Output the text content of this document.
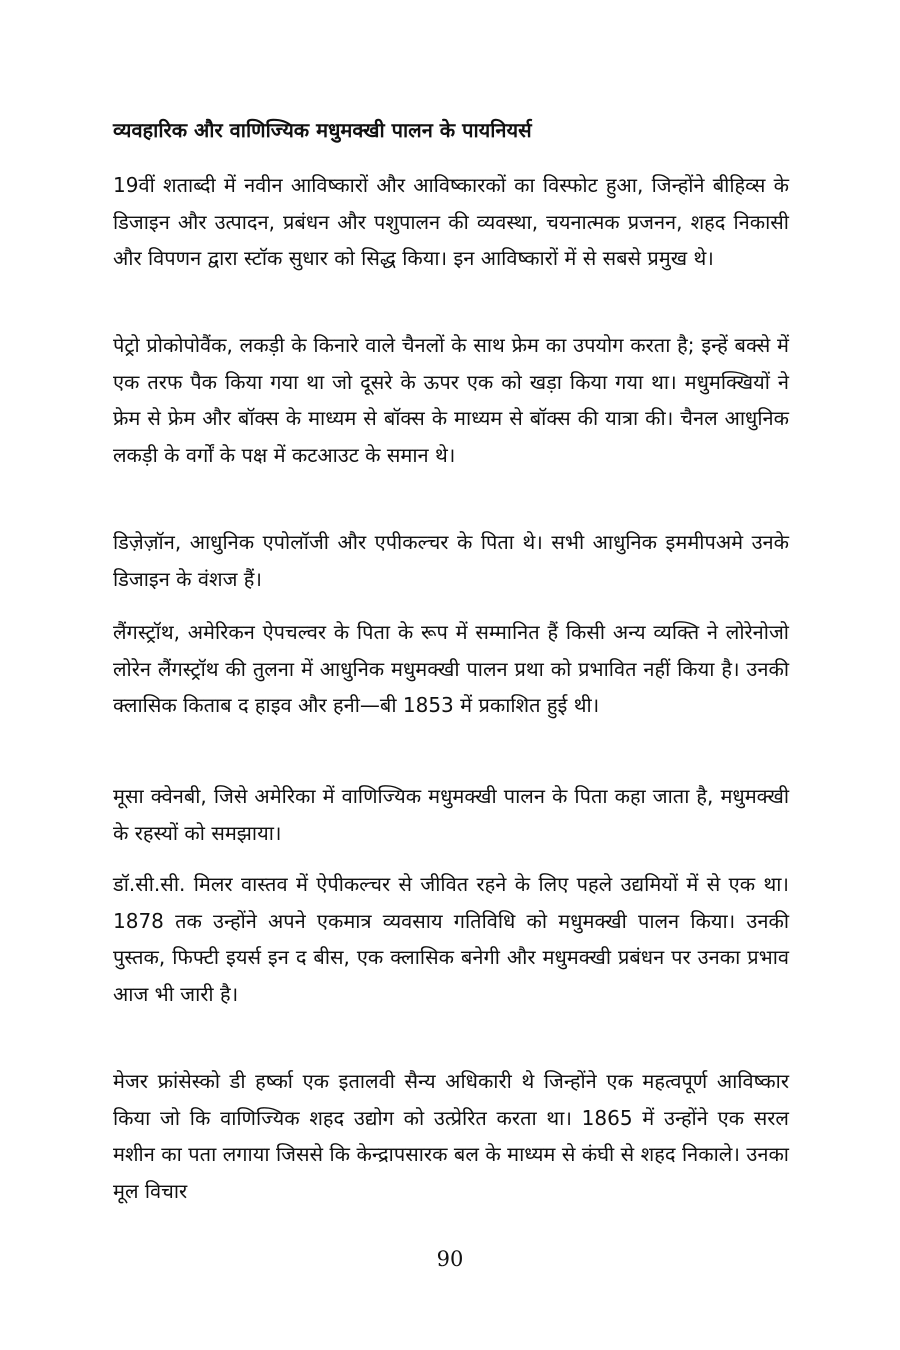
व्यवहारिक और वाणिज्यिक मधुमक्खी पालन के पायनियर्स

19वीं शताब्दी में नवीन आविष्कारों और आविष्कारकों का विस्फोट हुआ, जिन्होंने बीहिव्स के डिजाइन और उत्पादन, प्रबंधन और पशुपालन की व्यवस्था, चयनात्मक प्रजनन, शहद निकासी और विपणन द्वारा स्टॉक सुधार को सिद्ध किया। इन आविष्कारों में से सबसे प्रमुख थे।

पेट्रो प्रोकोपोवैंक, लकड़ी के किनारे वाले चैनलों के साथ फ्रेम का उपयोग करता है; इन्हें बक्से में एक तरफ पैक किया गया था जो दूसरे के ऊपर एक को खड़ा किया गया था। मधुमक्खियों ने फ्रेम से फ्रेम और बॉक्स के माध्यम से बॉक्स के माध्यम से बॉक्स की यात्रा की। चैनल आधुनिक लकड़ी के वर्गों के पक्ष में कटआउट के समान थे।

डिज़ेज़ॉन, आधुनिक एपोलॉजी और एपीकल्चर के पिता थे। सभी आधुनिक इममीपअमे उनके डिजाइन के वंशज हैं।

लैंगस्ट्रॉथ, अमेरिकन ऐपचल्वर के पिता के रूप में सम्मानित हैं किसी अन्य व्यक्ति ने लोरेनोजो लोरेन लैंगस्ट्रॉथ की तुलना में आधुनिक मधुमक्खी पालन प्रथा को प्रभावित नहीं किया है। उनकी क्लासिक किताब द हाइव और हनी—बी 1853 में प्रकाशित हुई थी।

मूसा क्वेनबी, जिसे अमेरिका में वाणिज्यिक मधुमक्खी पालन के पिता कहा जाता है, मधुमक्खी के रहस्यों को समझाया।

डॉ.सी.सी. मिलर वास्तव में ऐपीकल्चर से जीवित रहने के लिए पहले उद्यमियों में से एक था। 1878 तक उन्होंने अपने एकमात्र व्यवसाय गतिविधि को मधुमक्खी पालन किया। उनकी पुस्तक, फिफ्टी इयर्स इन द बीस, एक क्लासिक बनेगी और मधुमक्खी प्रबंधन पर उनका प्रभाव आज भी जारी है।

मेजर फ्रांसेस्को डी हर्ष्का एक इतालवी सैन्य अधिकारी थे जिन्होंने एक महत्वपूर्ण आविष्कार किया जो कि वाणिज्यिक शहद उद्योग को उत्प्रेरित करता था। 1865 में उन्होंने एक सरल मशीन का पता लगाया जिससे कि केन्द्रापसारक बल के माध्यम से कंघी से शहद निकाले। उनका मूल विचार

90
